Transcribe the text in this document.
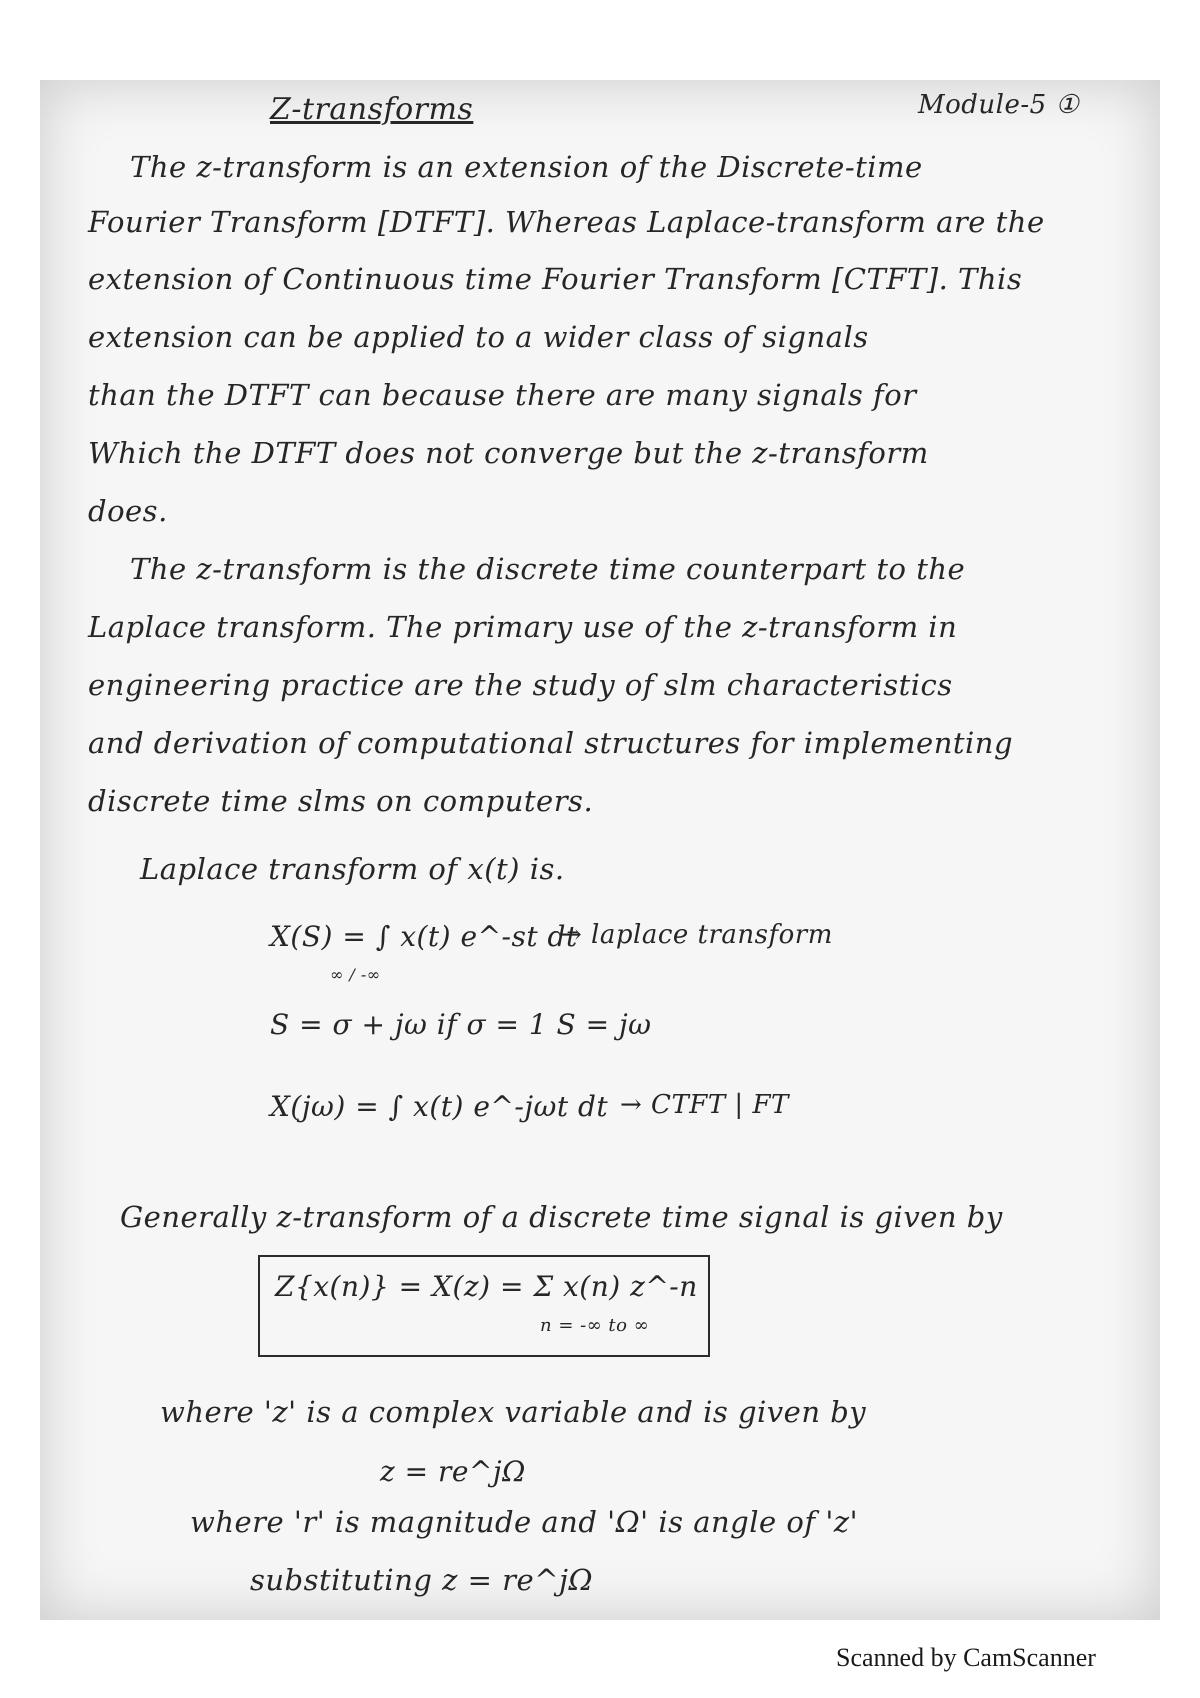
Z-transforms	Module-5 ①
The z-transform is an extension of the Discrete-time
Fourier Transform [DTFT]. Whereas Laplace-transform are the
extension of Continuous time Fourier Transform [CTFT]. This
extension can be applied to a wider class of signals
than the DTFT can because there are many signals for
Which the DTFT does not converge but the z-transform
does.
The z-transform is the discrete time counterpart to the
Laplace transform. The primary use of the z-transform in
engineering practice are the study of slm characteristics
and derivation of computational structures for implementing
discrete time slms on computers.
Laplace transform of x(t) is.
X(S) = ∫ x(t) e^-st dt
→ laplace transform
∞ / -∞
S = σ + jω if σ = 1 S = jω
X(jω) = ∫ x(t) e^-jωt dt → CTFT | FT
Generally z-transform of a discrete time signal is given by
Z{x(n)} = X(z) = Σ x(n) z^-n
n = -∞ to ∞
where 'z' is a complex variable and is given by
z = re^jΩ
where 'r' is magnitude and 'Ω' is angle of 'z'
substituting z = re^jΩ
Scanned by CamScanner
